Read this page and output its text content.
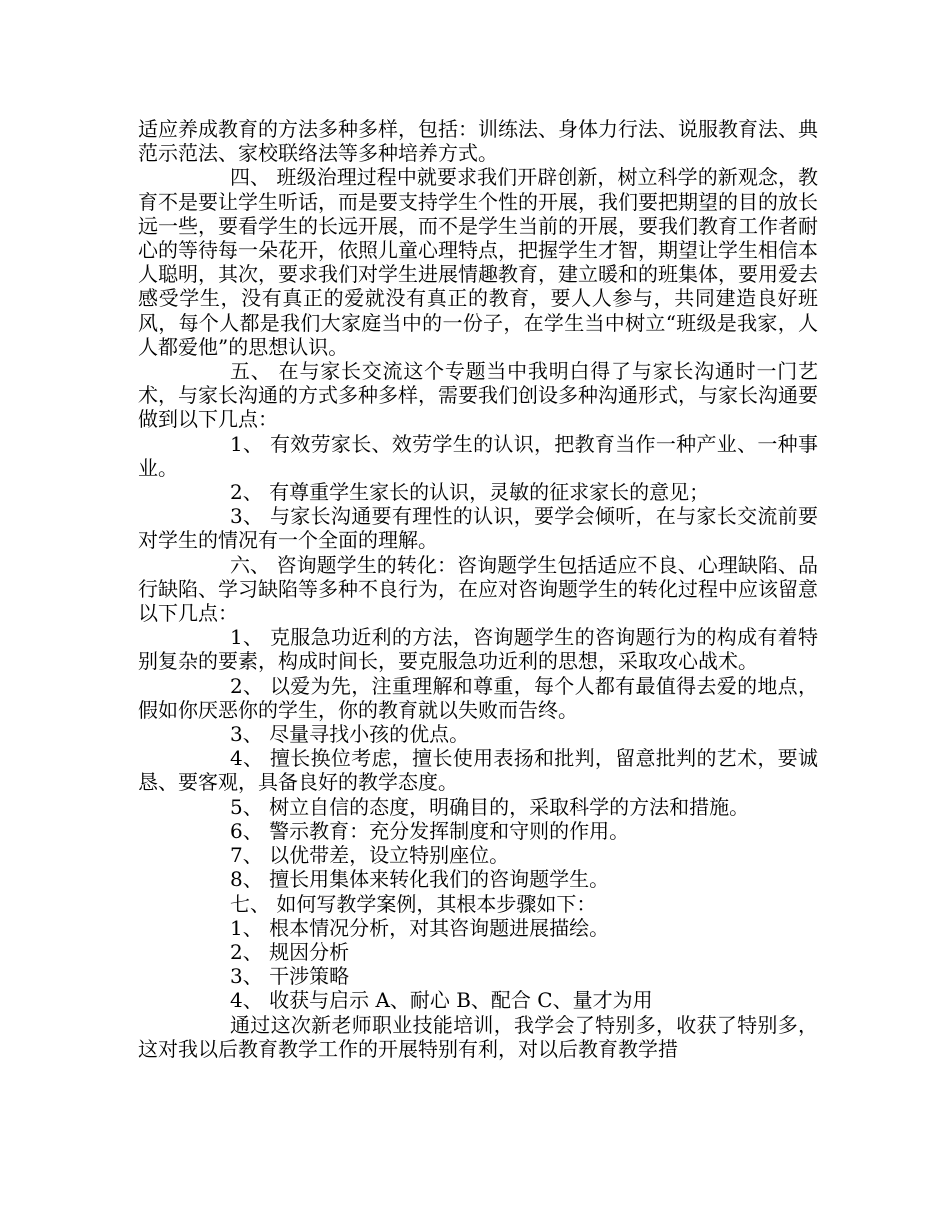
适应养成教育的方法多种多样，包括：训练法、身体力行法、说服教育法、典范示范法、家校联络法等多种培养方式。

四、 班级治理过程中就要求我们开辟创新，树立科学的新观念，教育不是要让学生听话，而是要支持学生个性的开展，我们要把期望的目的放长远一些，要看学生的长远开展，而不是学生当前的开展，要我们教育工作者耐心的等待每一朵花开，依照儿童心理特点，把握学生才智，期望让学生相信本人聪明，其次，要求我们对学生进展情趣教育，建立暖和的班集体，要用爱去感受学生，没有真正的爱就没有真正的教育，要人人参与，共同建造良好班风，每个人都是我们大家庭当中的一份子，在学生当中树立“班级是我家，人人都爱他”的思想认识。

五、 在与家长交流这个专题当中我明白得了与家长沟通时一门艺术，与家长沟通的方式多种多样，需要我们创设多种沟通形式，与家长沟通要做到以下几点：

1、 有效劳家长、效劳学生的认识，把教育当作一种产业、一种事业。

2、 有尊重学生家长的认识，灵敏的征求家长的意见；

3、 与家长沟通要有理性的认识，要学会倾听，在与家长交流前要对学生的情况有一个全面的理解。

六、 咨询题学生的转化：咨询题学生包括适应不良、心理缺陷、品行缺陷、学习缺陷等多种不良行为，在应对咨询题学生的转化过程中应该留意以下几点：

1、 克服急功近利的方法，咨询题学生的咨询题行为的构成有着特别复杂的要素，构成时间长，要克服急功近利的思想，采取攻心战术。

2、 以爱为先，注重理解和尊重，每个人都有最值得去爱的地点，假如你厌恶你的学生，你的教育就以失败而告终。

3、 尽量寻找小孩的优点。

4、 擅长换位考虑，擅长使用表扬和批判，留意批判的艺术，要诚恳、要客观，具备良好的教学态度。

5、 树立自信的态度，明确目的，采取科学的方法和措施。

6、 警示教育：充分发挥制度和守则的作用。

7、 以优带差，设立特别座位。

8、 擅长用集体来转化我们的咨询题学生。

七、 如何写教学案例，其根本步骤如下：

1、 根本情况分析，对其咨询题进展描绘。

2、 规因分析

3、 干涉策略

4、 收获与启示 A、耐心 B、配合 C、量才为用

通过这次新老师职业技能培训，我学会了特别多，收获了特别多，这对我以后教育教学工作的开展特别有利，对以后教育教学措
